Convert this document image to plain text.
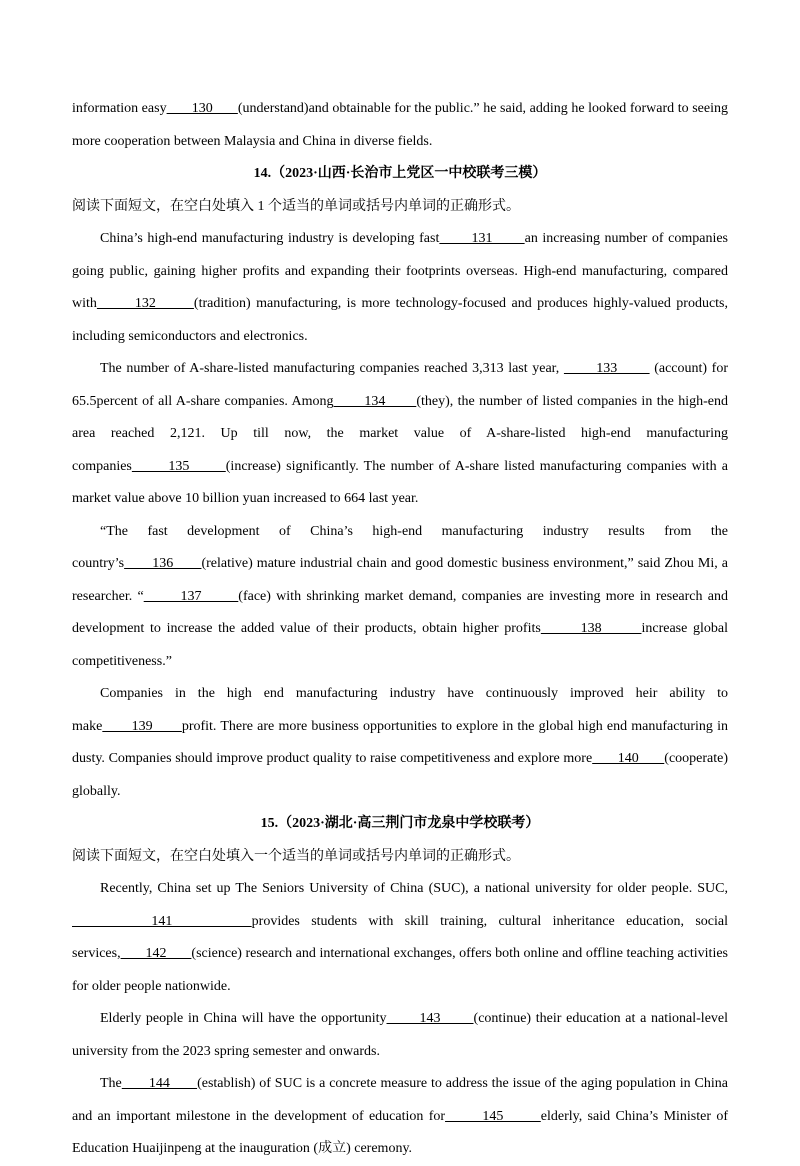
information easy       130       (understand)and obtainable for the public.” he said, adding he looked forward to seeing more cooperation between Malaysia and China in diverse fields.

14.（2023·山西·长治市上党区一中校联考三模）

阅读下面短文，在空白处填入 1 个适当的单词或括号内单词的正确形式。

China’s high-end manufacturing industry is developing fast       131       an increasing number of companies going public, gaining higher profits and expanding their footprints overseas. High-end manufacturing, compared with       132       (tradition) manufacturing, is more technology-focused and produces highly-valued products, including semiconductors and electronics.

The number of A-share-listed manufacturing companies reached 3,313 last year,        133        (account) for 65.5percent of all A-share companies. Among       134       (they), the number of listed companies in the high-end area reached 2,121. Up till now, the market value of A-share-listed high-end manufacturing companies       135       (increase) significantly. The number of A-share listed manufacturing companies with a market value above 10 billion yuan increased to 664 last year.

“The fast development of China’s high-end manufacturing industry results from the country’s       136       (relative) mature industrial chain and good domestic business environment,” said Zhou Mi, a researcher. “       137       (face) with shrinking market demand, companies are investing more in research and development to increase the added value of their products, obtain higher profits       138       increase global competitiveness.”

Companies in the high end manufacturing industry have continuously improved heir ability to make       139       profit. There are more business opportunities to explore in the global high end manufacturing in dusty. Companies should improve product quality to raise competitiveness and explore more       140       (cooperate) globally.

15.（2023·湖北·高三荆门市龙泉中学校联考）

阅读下面短文，在空白处填入一个适当的单词或括号内单词的正确形式。

Recently, China set up The Seniors University of China (SUC), a national university for older people. SUC,        141       provides students with skill training, cultural inheritance education, social services,       142       (science) research and international exchanges, offers both online and offline teaching activities for older people nationwide.

Elderly people in China will have the opportunity       143       (continue) their education at a national-level university from the 2023 spring semester and onwards.

The       144       (establish) of SUC is a concrete measure to address the issue of the aging population in China and an important milestone in the development of education for       145       elderly, said China’s Minister of Education Huaijinpeng at the inauguration (成立) ceremony.
